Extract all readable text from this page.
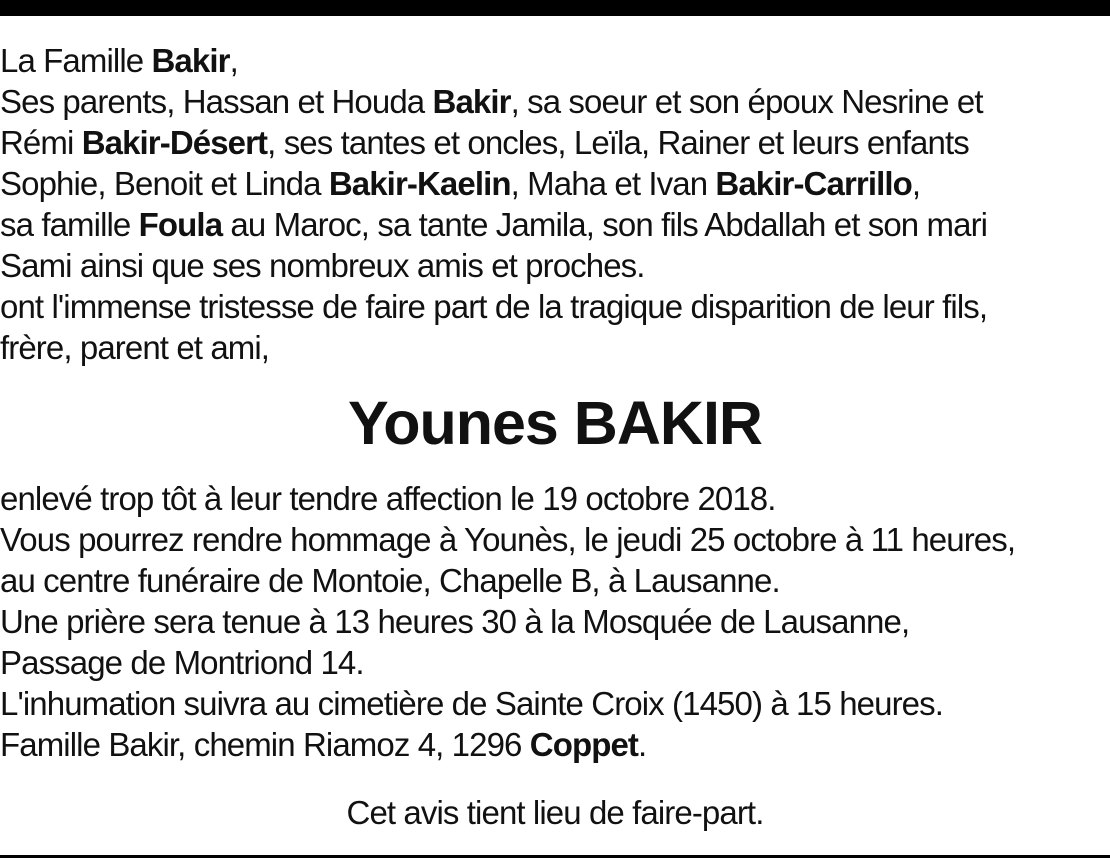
La Famille Bakir,
Ses parents, Hassan et Houda Bakir, sa soeur et son époux Nesrine et
Rémi Bakir-Désert, ses tantes et oncles, Leïla, Rainer et leurs enfants
Sophie, Benoit et Linda Bakir-Kaelin, Maha et Ivan Bakir-Carrillo,
sa famille Foula au Maroc, sa tante Jamila, son fils Abdallah et son mari
Sami ainsi que ses nombreux amis et proches.
ont l'immense tristesse de faire part de la tragique disparition de leur fils,
frère, parent et ami,
Younes BAKIR
enlevé trop tôt à leur tendre affection le 19 octobre 2018.
Vous pourrez rendre hommage à Younès, le jeudi 25 octobre à 11 heures,
au centre funéraire de Montoie, Chapelle B, à Lausanne.
Une prière sera tenue à 13 heures 30 à la Mosquée de Lausanne,
Passage de Montriond 14.
L'inhumation suivra au cimetière de Sainte Croix (1450) à 15 heures.
Famille Bakir, chemin Riamoz 4, 1296 Coppet.
Cet avis tient lieu de faire-part.
